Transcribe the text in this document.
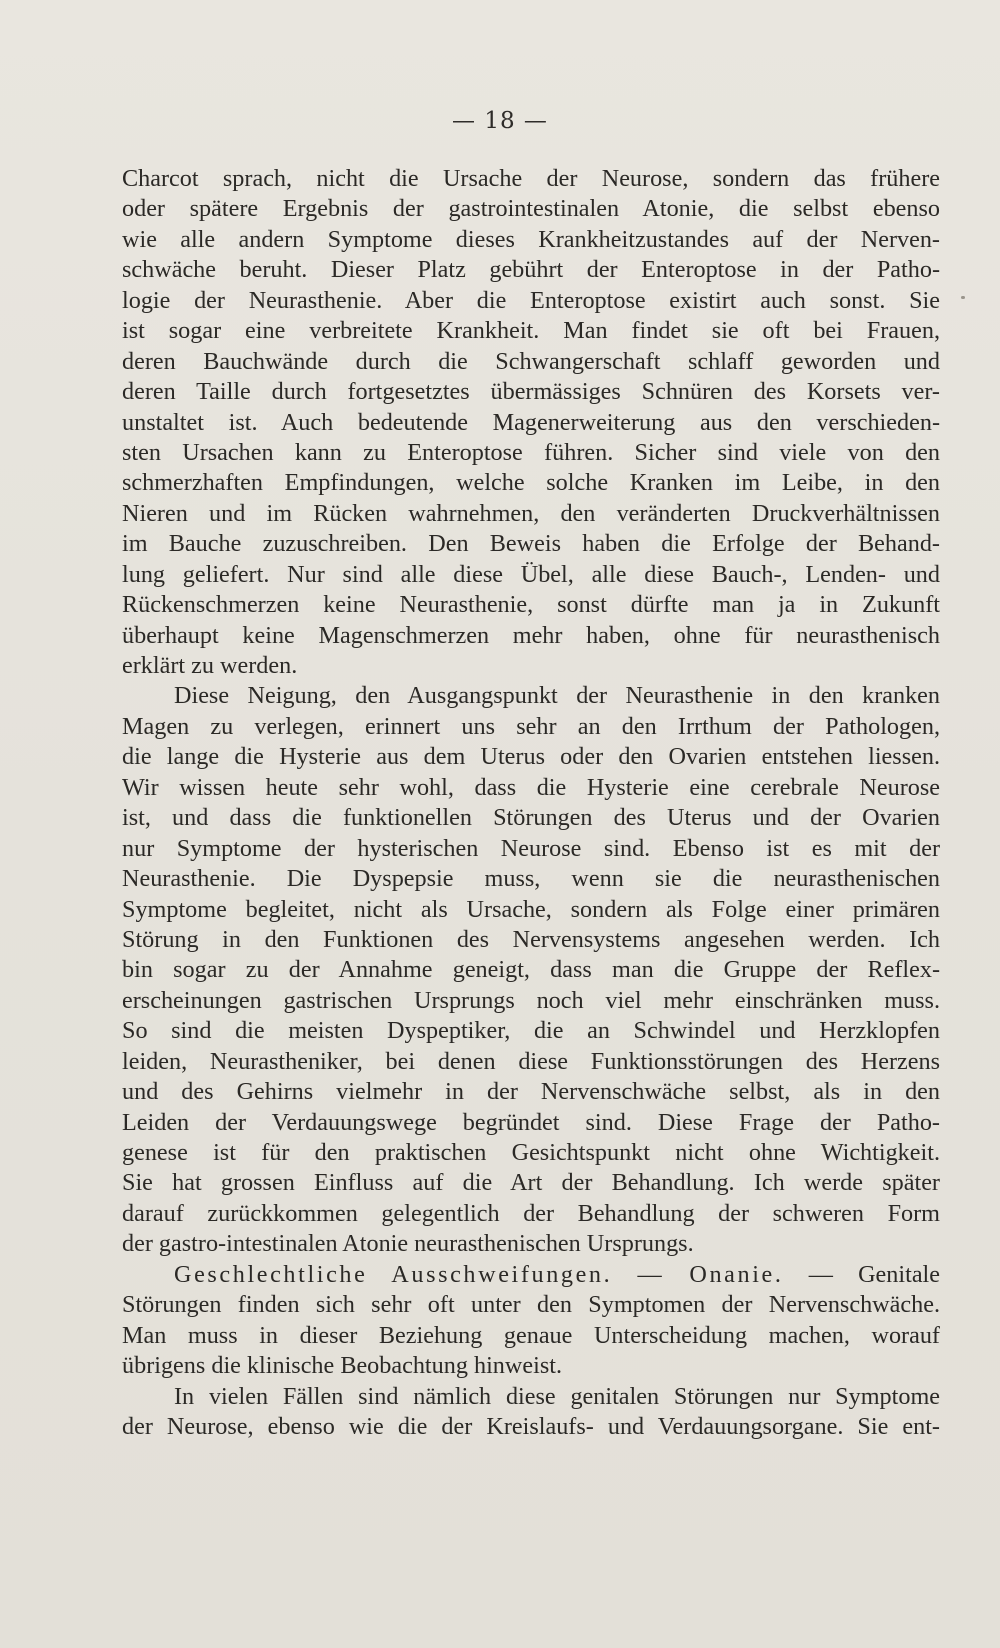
— 18 —
Charcot sprach, nicht die Ursache der Neurose, sondern das frühere
oder spätere Ergebnis der gastrointestinalen Atonie, die selbst ebenso
wie alle andern Symptome dieses Krankheitzustandes auf der Nerven-
schwäche beruht. Dieser Platz gebührt der Enteroptose in der Patho-
logie der Neurasthenie. Aber die Enteroptose existirt auch sonst. Sie
ist sogar eine verbreitete Krankheit. Man findet sie oft bei Frauen,
deren Bauchwände durch die Schwangerschaft schlaff geworden und
deren Taille durch fortgesetztes übermässiges Schnüren des Korsets ver-
unstaltet ist. Auch bedeutende Magenerweiterung aus den verschieden-
sten Ursachen kann zu Enteroptose führen. Sicher sind viele von den
schmerzhaften Empfindungen, welche solche Kranken im Leibe, in den
Nieren und im Rücken wahrnehmen, den veränderten Druckverhältnissen
im Bauche zuzuschreiben. Den Beweis haben die Erfolge der Behand-
lung geliefert. Nur sind alle diese Übel, alle diese Bauch-, Lenden- und
Rückenschmerzen keine Neurasthenie, sonst dürfte man ja in Zukunft
überhaupt keine Magenschmerzen mehr haben, ohne für neurasthenisch
erklärt zu werden.
Diese Neigung, den Ausgangspunkt der Neurasthenie in den kranken
Magen zu verlegen, erinnert uns sehr an den Irrthum der Pathologen,
die lange die Hysterie aus dem Uterus oder den Ovarien entstehen liessen.
Wir wissen heute sehr wohl, dass die Hysterie eine cerebrale Neurose
ist, und dass die funktionellen Störungen des Uterus und der Ovarien
nur Symptome der hysterischen Neurose sind. Ebenso ist es mit der
Neurasthenie. Die Dyspepsie muss, wenn sie die neurasthenischen
Symptome begleitet, nicht als Ursache, sondern als Folge einer primären
Störung in den Funktionen des Nervensystems angesehen werden. Ich
bin sogar zu der Annahme geneigt, dass man die Gruppe der Reflex-
erscheinungen gastrischen Ursprungs noch viel mehr einschränken muss.
So sind die meisten Dyspeptiker, die an Schwindel und Herzklopfen
leiden, Neurastheniker, bei denen diese Funktionsstörungen des Herzens
und des Gehirns vielmehr in der Nervenschwäche selbst, als in den
Leiden der Verdauungswege begründet sind. Diese Frage der Patho-
genese ist für den praktischen Gesichtspunkt nicht ohne Wichtigkeit.
Sie hat grossen Einfluss auf die Art der Behandlung. Ich werde später
darauf zurückkommen gelegentlich der Behandlung der schweren Form
der gastro-intestinalen Atonie neurasthenischen Ursprungs.
Geschlechtliche Ausschweifungen. — Onanie. — Genitale
Störungen finden sich sehr oft unter den Symptomen der Nervenschwäche.
Man muss in dieser Beziehung genaue Unterscheidung machen, worauf
übrigens die klinische Beobachtung hinweist.
In vielen Fällen sind nämlich diese genitalen Störungen nur Symptome
der Neurose, ebenso wie die der Kreislaufs- und Verdauungsorgane. Sie ent-
